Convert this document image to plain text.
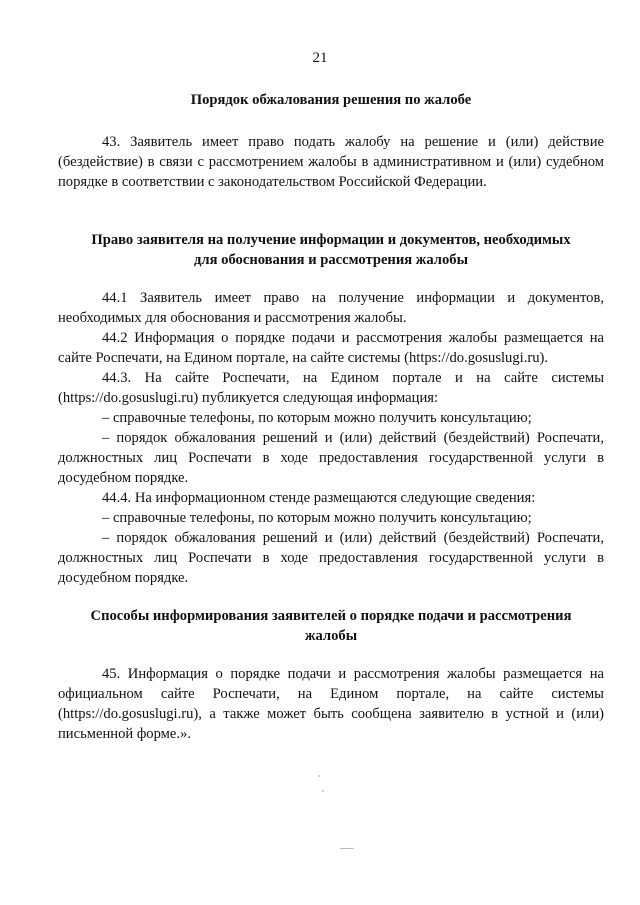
21

Порядок обжалования решения по жалобе

43. Заявитель имеет право подать жалобу на решение и (или) действие (бездействие) в связи с рассмотрением жалобы в административном и (или) судебном порядке в соответствии с законодательством Российской Федерации.

Право заявителя на получение информации и документов, необходимых

для обоснования и рассмотрения жалобы

44.1 Заявитель имеет право на получение информации и документов, необходимых для обоснования и рассмотрения жалобы.

44.2 Информация о порядке подачи и рассмотрения жалобы размещается на сайте Роспечати, на Едином портале, на сайте системы (https://do.gosuslugi.ru).

44.3. На сайте Роспечати, на Едином портале и на сайте системы (https://do.gosuslugi.ru) публикуется следующая информация:

– справочные телефоны, по которым можно получить консультацию;

– порядок обжалования решений и (или) действий (бездействий) Роспечати, должностных лиц Роспечати в ходе предоставления государственной услуги в досудебном порядке.

44.4. На информационном стенде размещаются следующие сведения:

– справочные телефоны, по которым можно получить консультацию;

– порядок обжалования решений и (или) действий (бездействий) Роспечати, должностных лиц Роспечати в ходе предоставления государственной услуги в досудебном порядке.

Способы информирования заявителей о порядке подачи и рассмотрения

жалобы

45. Информация о порядке подачи и рассмотрения жалобы размещается на официальном сайте Роспечати, на Едином портале, на сайте системы (https://do.gosuslugi.ru), а также может быть сообщена заявителю в устной и (или) письменной форме.».
